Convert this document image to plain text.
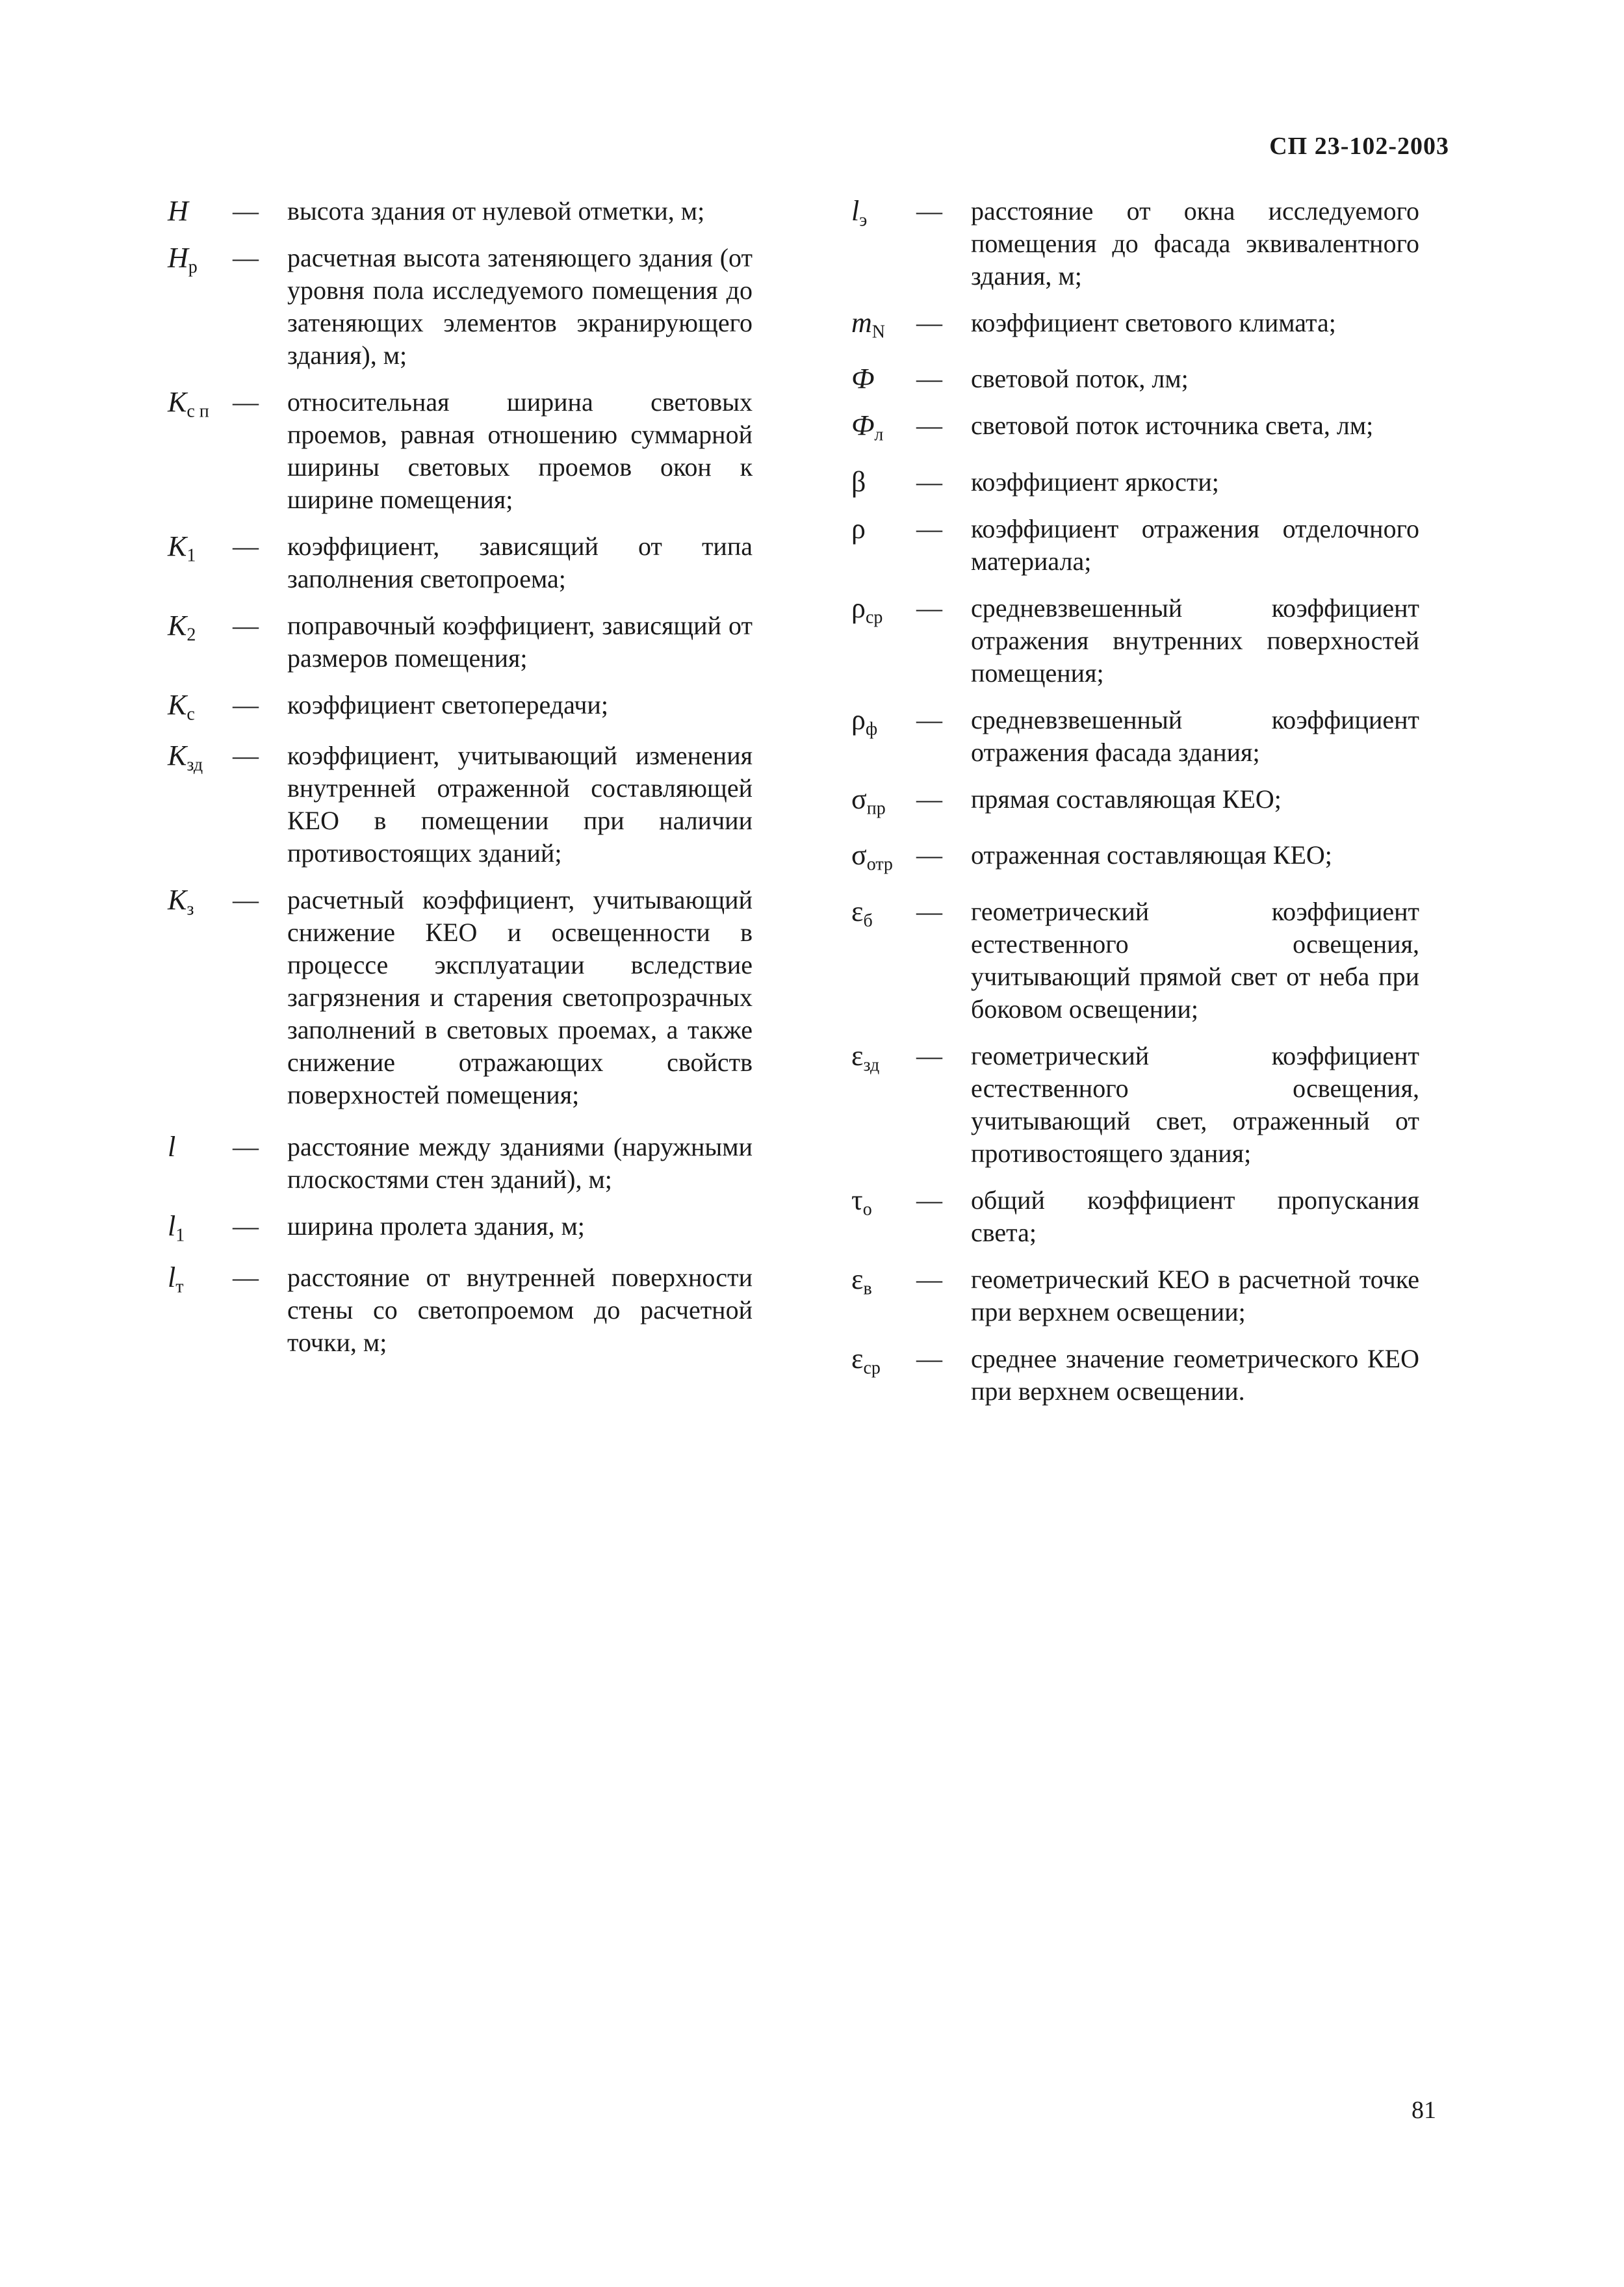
СП 23-102-2003
H	—	высота здания от нулевой отметки, м;
$H_р$	—	расчетная высота затеняющего здания (от уровня пола исследуемого помещения до затеняющих элементов экранирующего здания), м;
$K_{с п}$ —	относительная ширина световых проемов, равная отношению суммарной ширины световых проемов окон к ширине помещения;
$K_1$	—	коэффициент, зависящий от типа заполнения светопроема;
$K_2$	—	поправочный коэффициент, зависящий от размеров помещения;
$K_с$	—	коэффициент светопередачи;
$K_{зд}$	—	коэффициент, учитывающий изменения внутренней отраженной составляющей КЕО в помещении при наличии противостоящих зданий;
$K_з$	—	расчетный коэффициент, учитывающий снижение КЕО и освещенности в процессе эксплуатации вследствие загрязнения и старения светопрозрачных заполнений в световых проемах, а также снижение отражающих свойств поверхностей помещения;
l	—	расстояние между зданиями (наружными плоскостями стен зданий), м;
$l_1$	—	ширина пролета здания, м;
$l_т$	—	расстояние от внутренней поверхности стены со светопроемом до расчетной точки, м;
$l_э$	—	расстояние от окна исследуемого помещения до фасада эквивалентного здания, м;
$m_N$	—	коэффициент светового климата;
Ф	—	световой поток, лм;
$Ф_л$	—	световой поток источника света, лм;
β	—	коэффициент яркости;
ρ	—	коэффициент отражения отделочного материала;
$\rho_{ср}$	—	средневзвешенный коэффициент отражения внутренних поверхностей помещения;
$\rho_ф$	—	средневзвешенный коэффициент отражения фасада здания;
$\sigma_{пр}$	—	прямая составляющая КЕО;
$\sigma_{отр}$ —	отраженная составляющая КЕО;
$\varepsilon_б$	—	геометрический коэффициент естественного освещения, учитывающий прямой свет от неба при боковом освещении;
$\varepsilon_{зд}$	—	геометрический коэффициент естественного освещения, учитывающий свет, отраженный от противостоящего здания;
$\tau_о$	—	общий коэффициент пропускания света;
$\varepsilon_в$	—	геометрический КЕО в расчетной точке при верхнем освещении;
$\varepsilon_{ср}$	—	среднее значение геометрического КЕО при верхнем освещении.
81
